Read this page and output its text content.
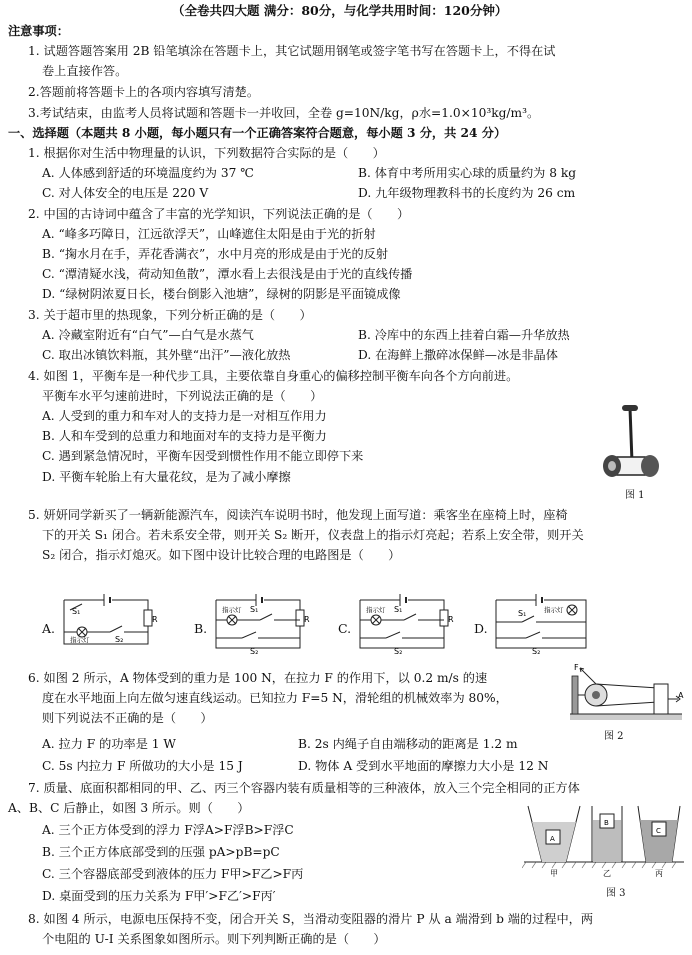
（全卷共四大题 满分：80分，与化学共用时间：120分钟）
注意事项：
1. 试题答题答案用 2B 铅笔填涂在答题卡上，其它试题用钢笔或签字笔书写在答题卡上，不得在试
卷上直接作答。
2.答题前将答题卡上的各项内容填写清楚。
3.考试结束，由监考人员将试题和答题卡一并收回，全卷 g=10N/kg，ρ水=1.0×10³kg/m³。
一、选择题（本题共 8 小题，每小题只有一个正确答案符合题意，每小题 3 分，共 24 分）
1. 根据你对生活中物理量的认识，下列数据符合实际的是（　　）
A. 人体感到舒适的环境温度约为 37 ℃	B. 体育中考所用实心球的质量约为 8 kg
C. 对人体安全的电压是 220 V	D. 九年级物理教科书的长度约为 26 cm
2. 中国的古诗词中蕴含了丰富的光学知识，下列说法正确的是（　　）
A. “峰多巧障日，江远欲浮天”，山峰遮住太阳是由于光的折射
B. “掬水月在手，弄花香满衣”，水中月亮的形成是由于光的反射
C. “潭清疑水浅，荷动知鱼散”，潭水看上去很浅是由于光的直线传播
D. “绿树阴浓夏日长，楼台倒影入池塘”，绿树的阴影是平面镜成像
3. 关于超市里的热现象，下列分析正确的是（　　）
A. 冷藏室附近有“白气”—白气是水蒸气	B. 冷库中的东西上挂着白霜—升华放热
C. 取出冰镇饮料瓶，其外壁“出汗”—液化放热	D. 在海鲜上撒碎冰保鲜—冰是非晶体
4. 如图 1，平衡车是一种代步工具，主要依靠自身重心的偏移控制平衡车向各个方向前进。
平衡车水平匀速前进时，下列说法正确的是（　　）
A. 人受到的重力和车对人的支持力是一对相互作用力
B. 人和车受到的总重力和地面对车的支持力是平衡力
C. 遇到紧急情况时，平衡车因受到惯性作用不能立即停下来
D. 平衡车轮胎上有大量花纹，是为了减小摩擦
图 1
5. 妍妍同学新买了一辆新能源汽车，阅读汽车说明书时，他发现上面写道：乘客坐在座椅上时，座椅
下的开关 S₁ 闭合。若未系安全带，则开关 S₂ 断开，仪表盘上的指示灯亮起；若系上安全带，则开关
S₂ 闭合，指示灯熄灭。如下图中设计比较合理的电路图是（　　）
A.
S₁
R
指示灯	S₂
B.
指示灯 S₁
R
S₂
C.
指示灯 S₁
R
S₂
D.
指示灯
S₁
S₂
6. 如图 2 所示，A 物体受到的重力是 100 N，在拉力 F 的作用下，以 0.2 m/s 的速
度在水平地面上向左做匀速直线运动。已知拉力 F=5 N，滑轮组的机械效率为 80%，
则下列说法不正确的是（　　）
A. 拉力 F 的功率是 1 W	B. 2s 内绳子自由端移动的距离是 1.2 m
C. 5s 内拉力 F 所做功的大小是 15 J	D. 物体 A 受到水平地面的摩擦力大小是 12 N
F
A
图 2
7. 质量、底面积都相同的甲、乙、丙三个容器内装有质量相等的三种液体，放入三个完全相同的正方体
A、B、C 后静止，如图 3 所示。则（　　）
A. 三个正方体受到的浮力 F浮A>F浮B>F浮C
B. 三个正方体底部受到的压强 pA>pB=pC
C. 三个容器底部受到液体的压力 F甲>F乙>F丙
D. 桌面受到的压力关系为 F甲′>F乙′>F丙′
A
B
C
甲	乙	丙
图 3
8. 如图 4 所示，电源电压保持不变，闭合开关 S，当滑动变阻器的滑片 P 从 a 端滑到 b 端的过程中，两
个电阻的 U-I 关系图象如图所示。则下列判断正确的是（　　）
